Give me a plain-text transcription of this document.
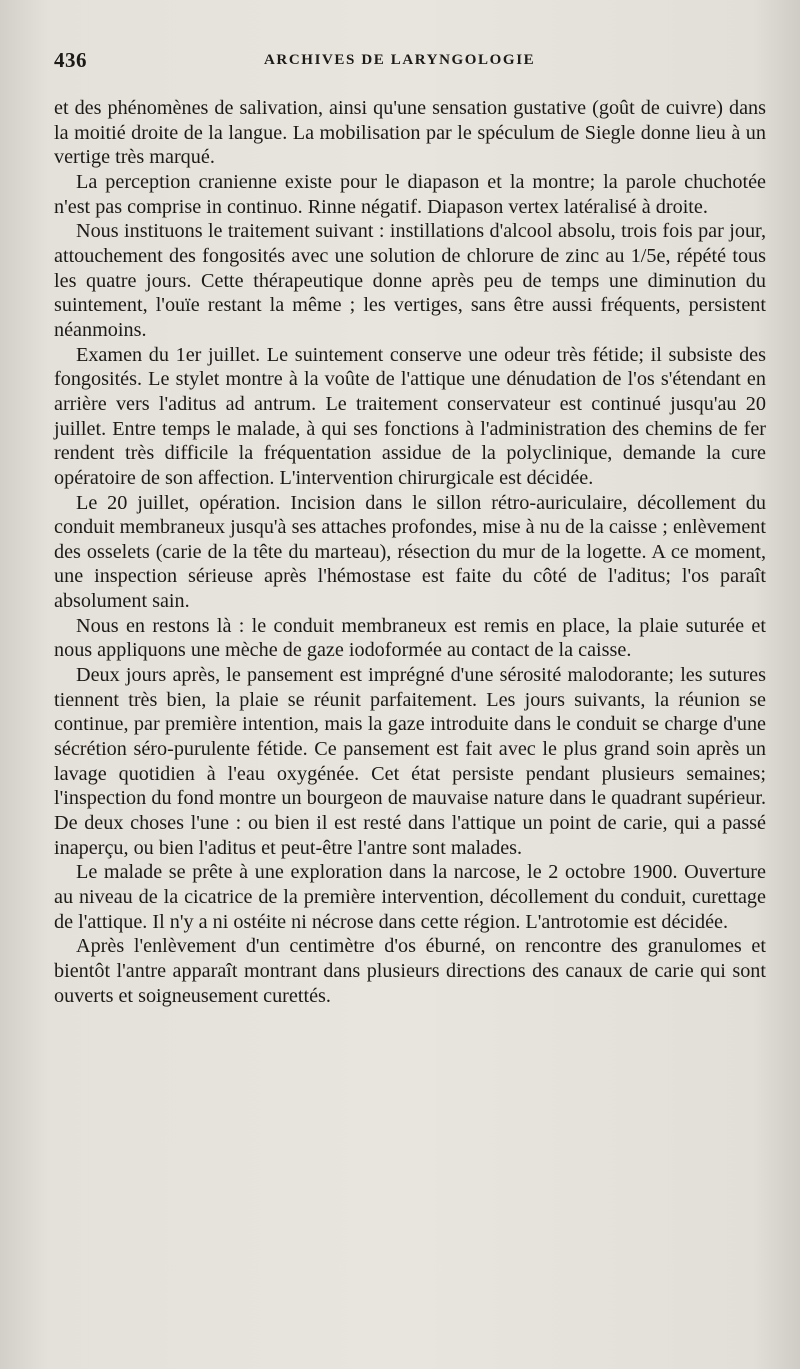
436	ARCHIVES DE LARYNGOLOGIE

et des phénomènes de salivation, ainsi qu'une sensation gustative (goût de cuivre) dans la moitié droite de la langue. La mobilisation par le spéculum de Siegle donne lieu à un vertige très marqué.

La perception cranienne existe pour le diapason et la montre; la parole chuchotée n'est pas comprise in continuo. Rinne négatif. Diapason vertex latéralisé à droite.

Nous instituons le traitement suivant : instillations d'alcool absolu, trois fois par jour, attouchement des fongosités avec une solution de chlorure de zinc au 1/5e, répété tous les quatre jours. Cette thérapeutique donne après peu de temps une diminution du suintement, l'ouïe restant la même ; les vertiges, sans être aussi fréquents, persistent néanmoins.

Examen du 1er juillet. Le suintement conserve une odeur très fétide; il subsiste des fongosités. Le stylet montre à la voûte de l'attique une dénudation de l'os s'étendant en arrière vers l'aditus ad antrum. Le traitement conservateur est continué jusqu'au 20 juillet. Entre temps le malade, à qui ses fonctions à l'administration des chemins de fer rendent très difficile la fréquentation assidue de la polyclinique, demande la cure opératoire de son affection. L'intervention chirurgicale est décidée.

Le 20 juillet, opération. Incision dans le sillon rétro-auriculaire, décollement du conduit membraneux jusqu'à ses attaches profondes, mise à nu de la caisse ; enlèvement des osselets (carie de la tête du marteau), résection du mur de la logette. A ce moment, une inspection sérieuse après l'hémostase est faite du côté de l'aditus; l'os paraît absolument sain.

Nous en restons là : le conduit membraneux est remis en place, la plaie suturée et nous appliquons une mèche de gaze iodoformée au contact de la caisse.

Deux jours après, le pansement est imprégné d'une sérosité malodorante; les sutures tiennent très bien, la plaie se réunit parfaitement. Les jours suivants, la réunion se continue, par première intention, mais la gaze introduite dans le conduit se charge d'une sécrétion séro-purulente fétide. Ce pansement est fait avec le plus grand soin après un lavage quotidien à l'eau oxygénée. Cet état persiste pendant plusieurs semaines; l'inspection du fond montre un bourgeon de mauvaise nature dans le quadrant supérieur. De deux choses l'une : ou bien il est resté dans l'attique un point de carie, qui a passé inaperçu, ou bien l'aditus et peut-être l'antre sont malades.

Le malade se prête à une exploration dans la narcose, le 2 octobre 1900. Ouverture au niveau de la cicatrice de la première intervention, décollement du conduit, curettage de l'attique. Il n'y a ni ostéite ni nécrose dans cette région. L'antrotomie est décidée.

Après l'enlèvement d'un centimètre d'os éburné, on rencontre des granulomes et bientôt l'antre apparaît montrant dans plusieurs directions des canaux de carie qui sont ouverts et soigneusement curettés.
